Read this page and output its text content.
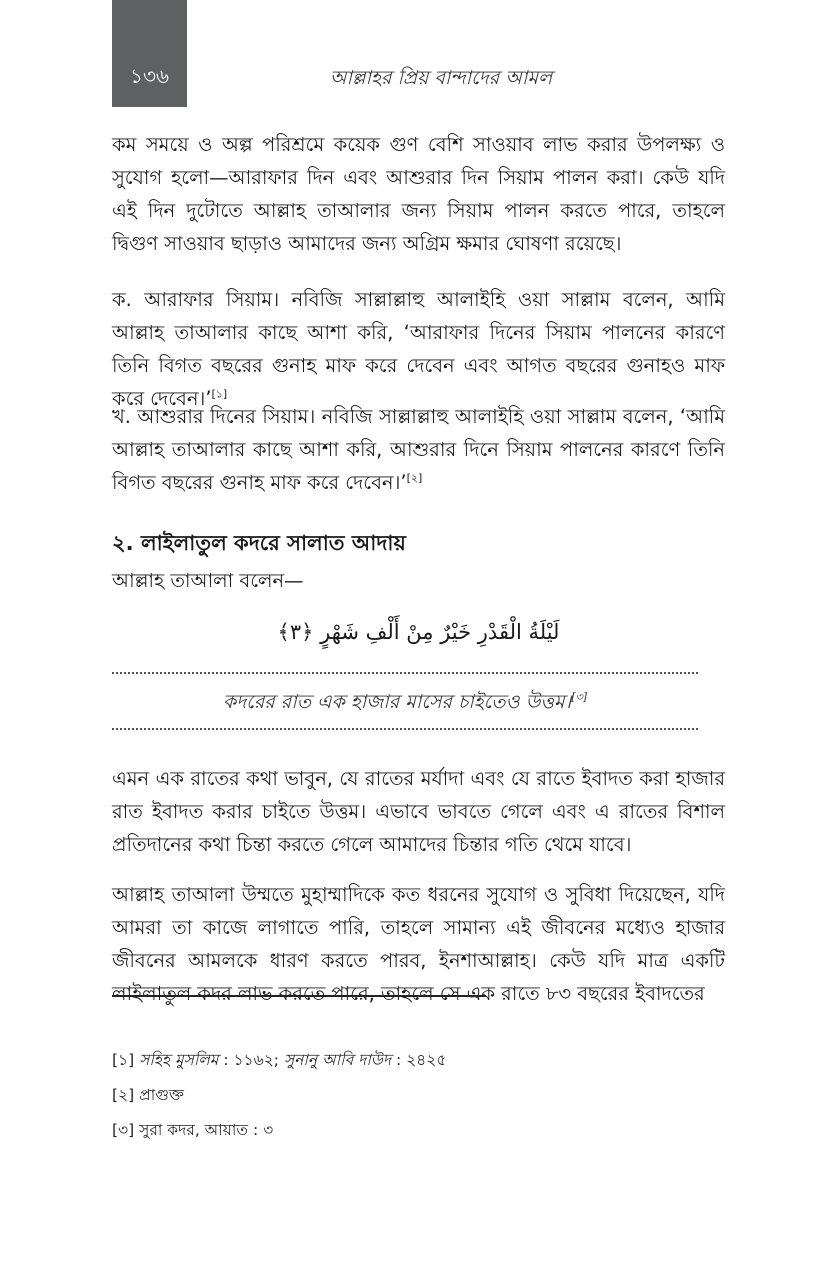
১৩৬	আল্লাহর প্রিয় বান্দাদের আমল
কম সময়ে ও অল্প পরিশ্রমে কয়েক গুণ বেশি সাওয়াব লাভ করার উপলক্ষ্য ও সুযোগ হলো—আরাফার দিন এবং আশুরার দিন সিয়াম পালন করা। কেউ যদি এই দিন দুটোতে আল্লাহ তাআলার জন্য সিয়াম পালন করতে পারে, তাহলে দ্বিগুণ সাওয়াব ছাড়াও আমাদের জন্য অগ্রিম ক্ষমার ঘোষণা রয়েছে।
ক. আরাফার সিয়াম। নবিজি সাল্লাল্লাহু আলাইহি ওয়া সাল্লাম বলেন, আমি আল্লাহ তাআলার কাছে আশা করি, ‘আরাফার দিনের সিয়াম পালনের কারণে তিনি বিগত বছরের গুনাহ মাফ করে দেবেন এবং আগত বছরের গুনাহও মাফ করে দেবেন।’[১]
খ. আশুরার দিনের সিয়াম। নবিজি সাল্লাল্লাহু আলাইহি ওয়া সাল্লাম বলেন, ‘আমি আল্লাহ তাআলার কাছে আশা করি, আশুরার দিনে সিয়াম পালনের কারণে তিনি বিগত বছরের গুনাহ মাফ করে দেবেন।’[২]
২. লাইলাতুল কদরে সালাত আদায়
আল্লাহ তাআলা বলেন—
لَيْلَةُ الْقَدْرِ خَيْرٌ مِنْ أَلْفِ شَهْرٍ ﴿٣﴾
কদরের রাত এক হাজার মাসের চাইতেও উত্তম।[৩]
এমন এক রাতের কথা ভাবুন, যে রাতের মর্যাদা এবং যে রাতে ইবাদত করা হাজার রাত ইবাদত করার চাইতে উত্তম। এভাবে ভাবতে গেলে এবং এ রাতের বিশাল প্রতিদানের কথা চিন্তা করতে গেলে আমাদের চিন্তার গতি থেমে যাবে।
আল্লাহ তাআলা উম্মতে মুহাম্মাদিকে কত ধরনের সুযোগ ও সুবিধা দিয়েছেন, যদি আমরা তা কাজে লাগাতে পারি, তাহলে সামান্য এই জীবনের মধ্যেও হাজার জীবনের আমলকে ধারণ করতে পারব, ইনশাআল্লাহ। কেউ যদি মাত্র একটি লাইলাতুল কদর লাভ করতে পারে, তাহলে সে এক রাতে ৮৩ বছরের ইবাদতের
[১] সহিহ মুসলিম : ১১৬২; সুনানু আবি দাউদ : ২৪২৫
[২] প্রাগুক্ত
[৩] সুরা কদর, আয়াত : ৩
